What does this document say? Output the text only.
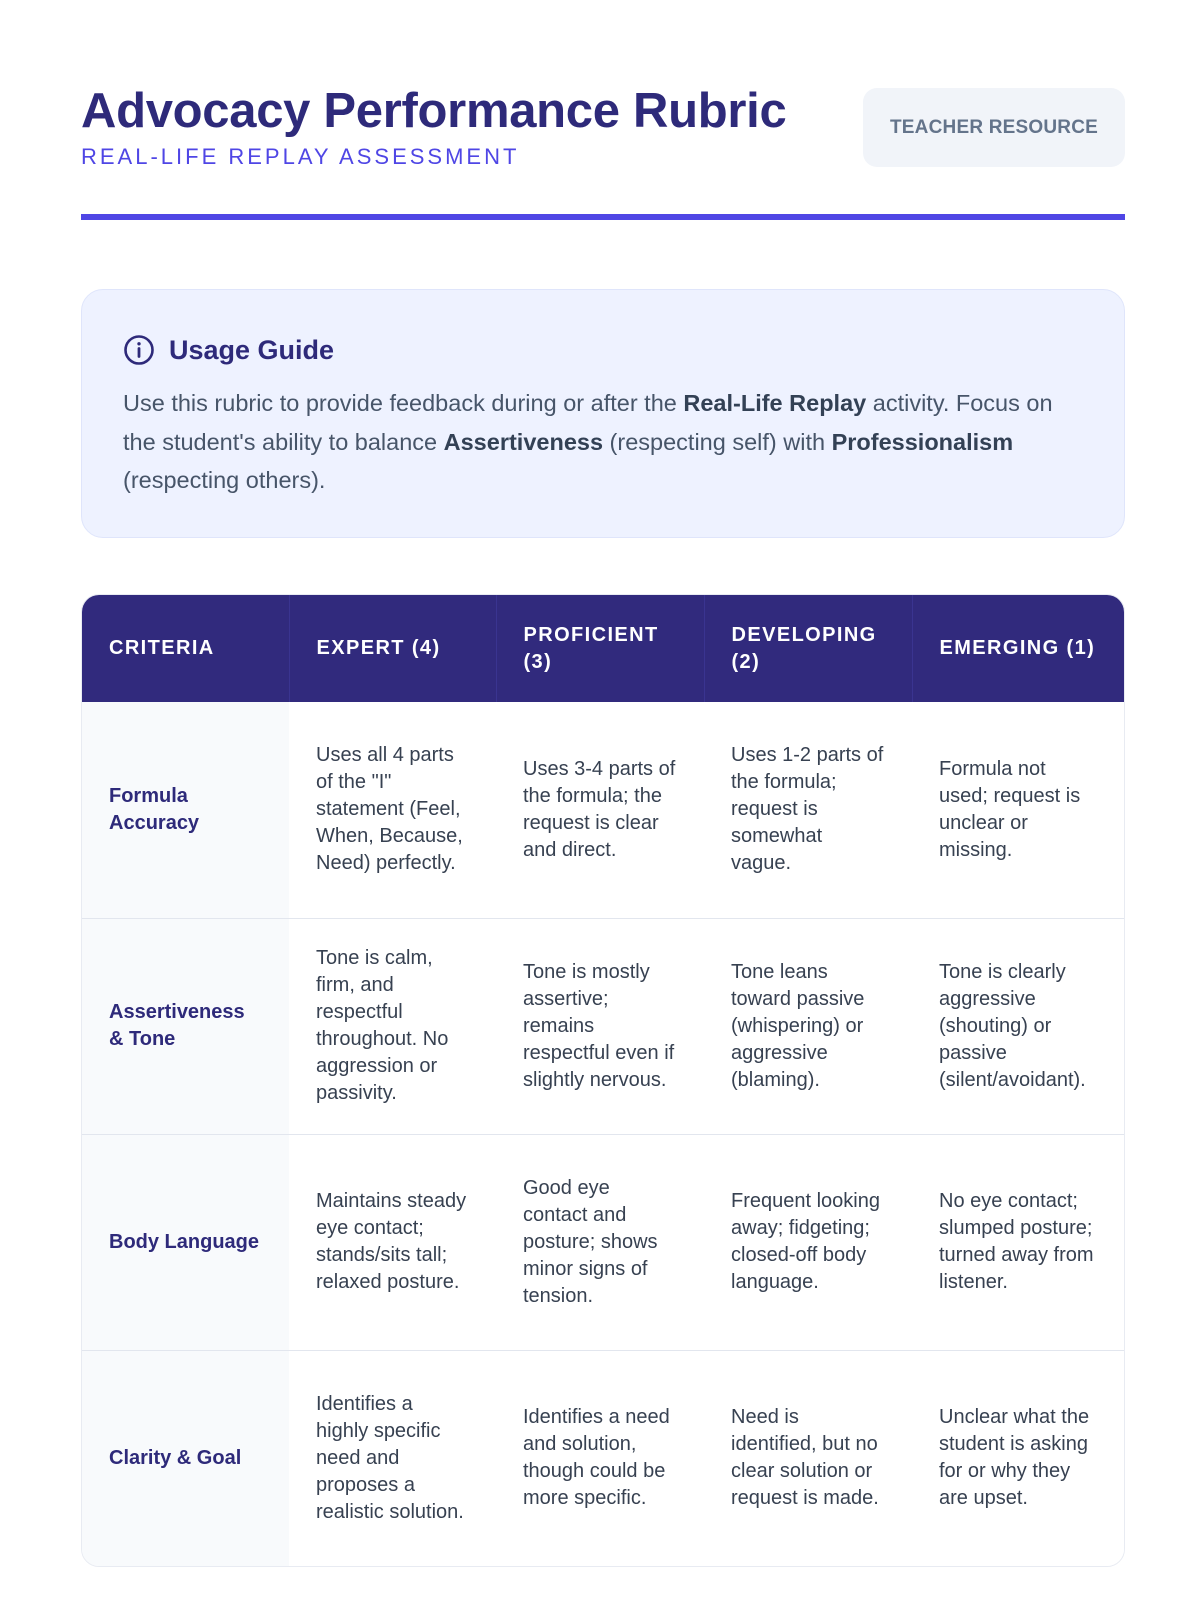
Advocacy Performance Rubric
REAL-LIFE REPLAY ASSESSMENT
TEACHER RESOURCE
Usage Guide

Use this rubric to provide feedback during or after the Real-Life Replay activity. Focus on the student's ability to balance Assertiveness (respecting self) with Professionalism (respecting others).

CRITERIA	EXPERT (4)	PROFICIENT (3)	DEVELOPING (2)	EMERGING (1)
Formula Accuracy	Uses all 4 parts of the "I" statement (Feel, When, Because, Need) perfectly.	Uses 3-4 parts of the formula; the request is clear and direct.	Uses 1-2 parts of the formula; request is somewhat vague.	Formula not used; request is unclear or missing.
Assertiveness & Tone	Tone is calm, firm, and respectful throughout. No aggression or passivity.	Tone is mostly assertive; remains respectful even if slightly nervous.	Tone leans toward passive (whispering) or aggressive (blaming).	Tone is clearly aggressive (shouting) or passive (silent/avoidant).
Body Language	Maintains steady eye contact; stands/sits tall; relaxed posture.	Good eye contact and posture; shows minor signs of tension.	Frequent looking away; fidgeting; closed-off body language.	No eye contact; slumped posture; turned away from listener.
Clarity & Goal	Identifies a highly specific need and proposes a realistic solution.	Identifies a need and solution, though could be more specific.	Need is identified, but no clear solution or request is made.	Unclear what the student is asking for or why they are upset.
